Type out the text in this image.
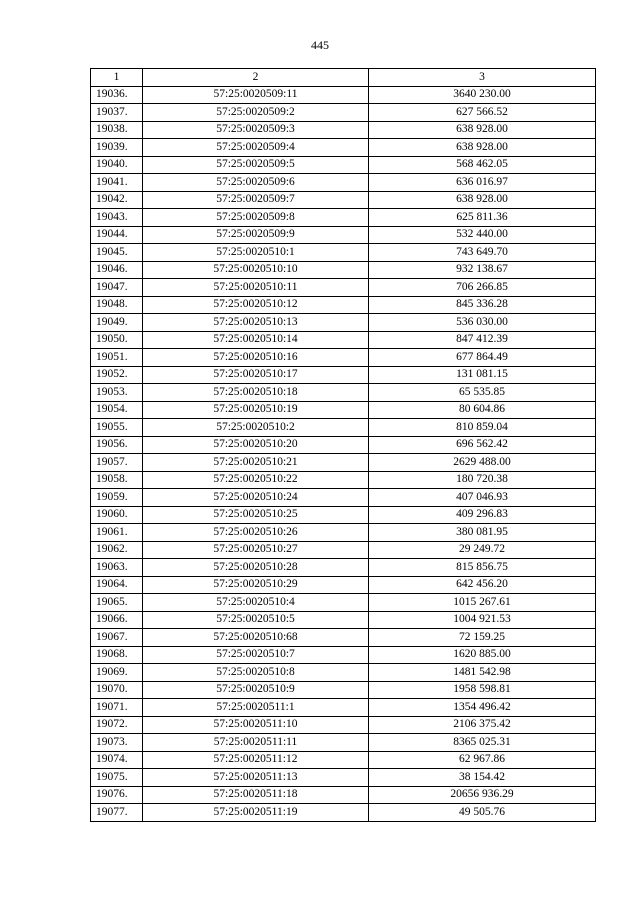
445
1	2	3
19036.	57:25:0020509:11	3640 230.00
19037.	57:25:0020509:2	627 566.52
19038.	57:25:0020509:3	638 928.00
19039.	57:25:0020509:4	638 928.00
19040.	57:25:0020509:5	568 462.05
19041.	57:25:0020509:6	636 016.97
19042.	57:25:0020509:7	638 928.00
19043.	57:25:0020509:8	625 811.36
19044.	57:25:0020509:9	532 440.00
19045.	57:25:0020510:1	743 649.70
19046.	57:25:0020510:10	932 138.67
19047.	57:25:0020510:11	706 266.85
19048.	57:25:0020510:12	845 336.28
19049.	57:25:0020510:13	536 030.00
19050.	57:25:0020510:14	847 412.39
19051.	57:25:0020510:16	677 864.49
19052.	57:25:0020510:17	131 081.15
19053.	57:25:0020510:18	65 535.85
19054.	57:25:0020510:19	80 604.86
19055.	57:25:0020510:2	810 859.04
19056.	57:25:0020510:20	696 562.42
19057.	57:25:0020510:21	2629 488.00
19058.	57:25:0020510:22	180 720.38
19059.	57:25:0020510:24	407 046.93
19060.	57:25:0020510:25	409 296.83
19061.	57:25:0020510:26	380 081.95
19062.	57:25:0020510:27	29 249.72
19063.	57:25:0020510:28	815 856.75
19064.	57:25:0020510:29	642 456.20
19065.	57:25:0020510:4	1015 267.61
19066.	57:25:0020510:5	1004 921.53
19067.	57:25:0020510:68	72 159.25
19068.	57:25:0020510:7	1620 885.00
19069.	57:25:0020510:8	1481 542.98
19070.	57:25:0020510:9	1958 598.81
19071.	57:25:0020511:1	1354 496.42
19072.	57:25:0020511:10	2106 375.42
19073.	57:25:0020511:11	8365 025.31
19074.	57:25:0020511:12	62 967.86
19075.	57:25:0020511:13	38 154.42
19076.	57:25:0020511:18	20656 936.29
19077.	57:25:0020511:19	49 505.76
